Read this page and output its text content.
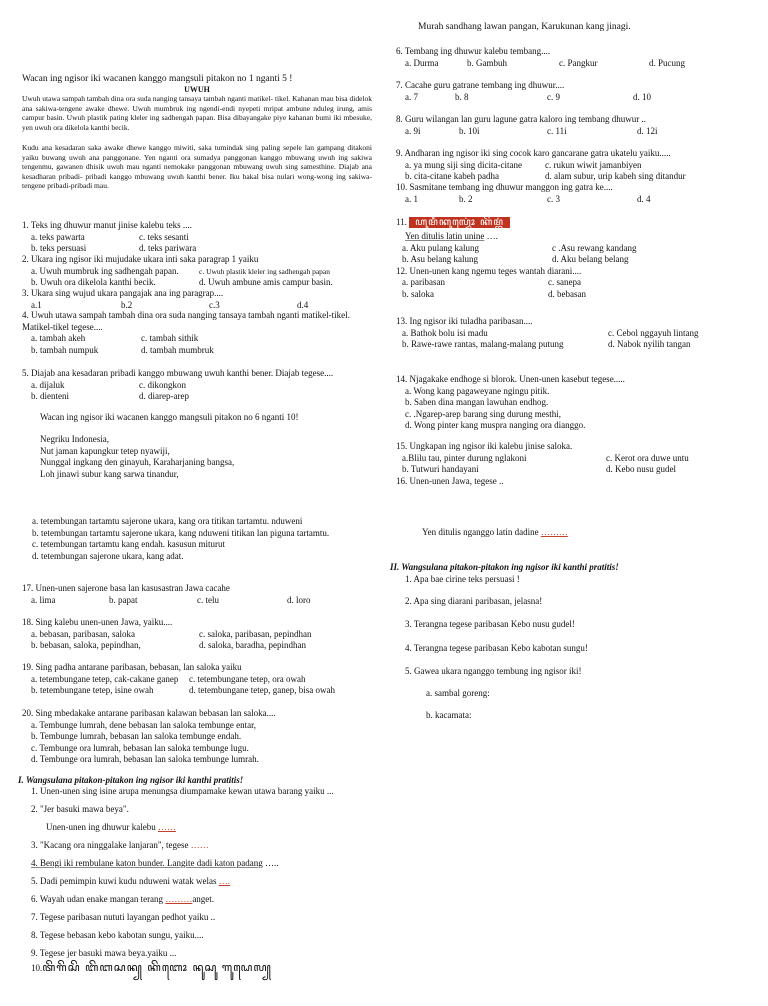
Murah sandhang lawan pangan, Karukunan kang jinagi.
Wacan ing ngisor iki wacanen kanggo mangsuli pitakon no 1 nganti 5 !
UWUH
Uwuh utawa sampah tambah dina ora suda nanging tansaya tambah nganti matikel- tikel. Kahanan mau bisa didelok ana sakiwa-tengene awake dhewe. Uwuh mumbruk ing ngendi-endi nyepeti mripat ambune nduleg irung, amis campur basin. Uwuh plastik pating kleler ing sadhengah papan. Bisa dibayangake piye kahanan bumi iki mbesuke, yen uwuh ora dikelola kanthi becik.
Kudu ana kesadaran saka awake dhewe kanggo miwiti, saka tumindak sing paling sepele lan gampang ditakoni yaiku buwang uwuh ana panggonane. Yen nganti ora sumadya panggonan kanggo mbuwang uwuh ing sakiwa tengenmu, gawanen dhisik uwuh mau nganti nemokake panggonan mbuwang uwuh sing samesthine. Diajab ana kesadharan pribadi- pribadi kanggo mbuwang uwuh kanthi bener. Iku bakal bisa nulari wong-wong ing sakiwa- tengene pribadi-pribadi mau.
1. Teks ing dhuwur manut jinise kalebu teks ....
a. teks pawarta	c. teks sesanti
b. teks persuasi	d. teks pariwara
2. Ukara ing ngisor iki mujudake ukara inti saka paragrap 1 yaiku
a. Uwuh mumbruk ing sadhengah papan.	c. Uwuh plastik kleler ing sadhengah papan
b. Uwuh ora dikelola kanthi becik.	d. Uwuh ambune amis campur basin.
3. Ukara sing wujud ukara pangajak ana ing paragrap....
a.1	b.2	c.3	d.4
4. Uwuh utawa sampah tambah dina ora suda nanging tansaya tambah nganti matikel-tikel. Matikel-tikel tegese....
a. tambah akeh	c. tambah sithik
b. tambah numpuk	d. tambah mumbruk
5. Diajab ana kesadaran pribadi kanggo mbuwang uwuh kanthi bener. Diajab tegese....
a. dijaluk	c. dikongkon
b. dienteni	d. diarep-arep
Wacan ing ngisor iki wacanen kanggo mangsuli pitakon no 6 nganti 10!
Negriku Indonesia,
Nut jaman kapungkur tetep nyawiji,
Nunggal ingkang den ginayuh, Karaharjaning bangsa,
Loh jinawi subur kang sarwa tinandur,
a. tetembungan tartamtu sajerone ukara, kang ora titikan tartamtu. nduweni
b. tetembungan tartamtu sajerone ukara, kang nduweni titikan lan piguna tartamtu.
c. tetembungan tartamtu kang endah. kasusun miturut
d. tetembungan sajerone ukara, kang adat.
17. Unen-unen sajerone basa lan kasusastran Jawa cacahe
a. lima	b. papat	c. telu	d. loro
18. Sing kalebu unen-unen Jawa, yaiku....
a. bebasan, paribasan, saloka	c. saloka, paribasan, pepindhan
b. bebasan, saloka, pepindhan,	d. saloka, baradha, pepindhan
19. Sing padha antarane paribasan, bebasan, lan saloka yaiku
a. tetembungane tetep, cak-cakane ganep	c. tetembungane tetep, ora owah
b. tetembungane tetep, isine owah	d. tetembungane tetep, ganep, bisa owah
20. Sing mbedakake antarane paribasan kalawan bebasan lan saloka....
a. Tembunge lumrah, dene bebasan lan saloka tembunge entar,
b. Tembunge lumrah, bebasan lan saloka tembunge endah.
c. Tembunge ora lumrah, bebasan lan saloka tembunge lugu.
d. Tembunge ora lumrah, bebasan lan saloka tembunge lumrah.
I. Wangsulana pitakon-pitakon ing ngisor iki kanthi pratitis!
1. Unen-unen sing isine arupa menungsa diumpamake kewan utawa barang yaiku ...
2. "Jer basuki mawa beya".
Unen-unen ing dhuwur kalebu ……
3. "Kacang ora ninggalake lanjaran", tegese ……
4. Bengi iki rembulane katon bunder. Langite dadi katon padang …..
5. Dadi pemimpin kuwi kudu nduweni watak welas ….
6. Wayah udan enake mangan terang ………anget.
7. Tegese paribasan nututi layangan pedhot yaiku ..
8. Tegese bebasan kebo kabotan sungu, yaiku....
9. Tegese jer basuki mawa beya.yaiku ...
10.ꦠꦼꦒꦼꦱꦼ ꦧꦼꦧꦱꦤ꧀ ꦏꦼꦧꦺꦴ ꦤꦸꦱꦸ ꦒꦸꦝꦺꦭ꧀
6. Tembang ing dhuwur kalebu tembang....
a. Durma	b. Gambuh	c. Pangkur	d. Pucung
7. Cacahe guru gatrane tembang ing dhuwur....
a. 7	b. 8	c. 9	d. 10
8. Guru wilangan lan guru lagune gatra kaloro ing tembang dhuwur ..
a. 9i	b. 10i	c. 11i	d. 12i
9. Andharan ing ngisor iki sing cocok karo gancarane gatra ukatelu yaiku.....
a. ya mung siji sing dicita-citane	c. rukun wiwit jamanbiyen
b. cita-citane kabeh padha	d. alam subur, urip kabeh sing ditandur
10. Sasmitane tembang ing dhuwur manggon ing gatra ke....
a. 1	b. 2	c. 3	d. 4
11. ꦲꦸꦩꦶꦏꦸꦭ꧀ꦮꦺꦴꦁ ꦏꦼꦩ꧀ꦧꦁ
Yen ditulis latin unine ….
a. Aku pulang kalung	c .Asu rewang kandang
b. Asu belang kalung	d. Aku belang belang
12. Unen-unen kang ngemu teges wantah diarani....
a. paribasan	c. sanepa
b. saloka	d. bebasan
13. Ing ngisor iki tuladha paribasan....
a. Bathok bolu isi madu	c. Cebol nggayuh lintang
b. Rawe-rawe rantas, malang-malang putung	d. Nabok nyilih tangan
14. Njagakake endhoge si blorok. Unen-unen kasebut tegese.....
a. Wong kang pagaweyane ngingu pitik.
b. Saben dina mangan lawuhan endhog.
c. .Ngarep-arep barang sing durung mesthi,
d. Wong pinter kang muspra nanging ora dianggo.
15. Ungkapan ing ngisor iki kalebu jinise saloka.
a.Blilu tau, pinter durung nglakoni	c. Kerot ora duwe untu
b. Tutwuri handayani	d. Kebo nusu gudel
16. Unen-unen Jawa, tegese ..
Yen ditulis nganggo latin dadine ………
II. Wangsulana pitakon-pitakon ing ngisor iki kanthi pratitis!
1. Apa bae cirine teks persuasi !
2. Apa sing diarani paribasan, jelasna!
3. Terangna tegese paribasan Kebo nusu gudel!
4. Terangna tegese paribasan Kebo kabotan sungu!
5. Gawea ukara nganggo tembung ing ngisor iki!
a. sambal goreng:
b. kacamata:
